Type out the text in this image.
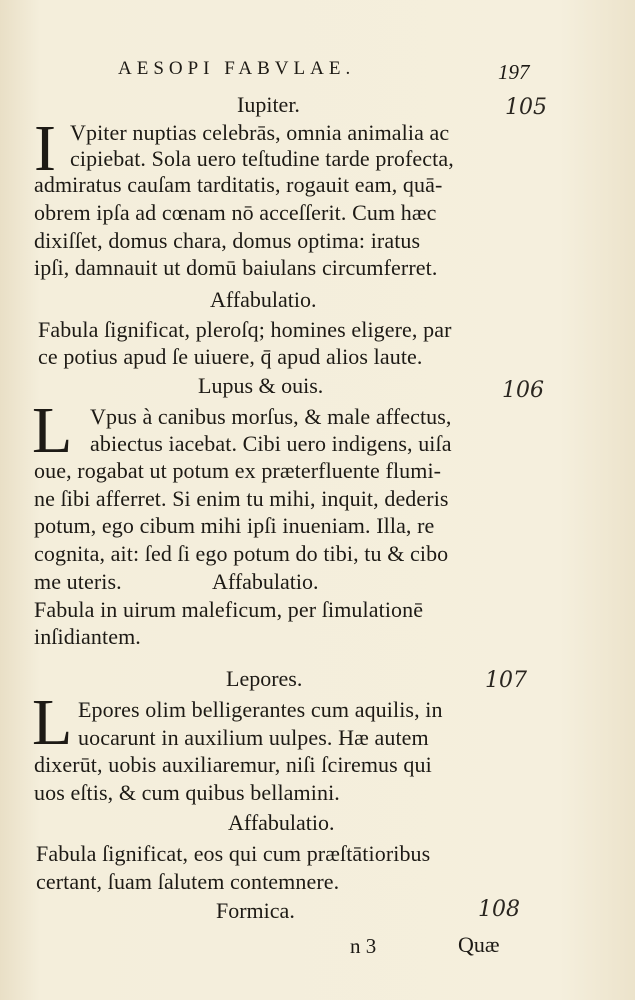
AESOPI FABVLAE.	197
Iupiter.	105
I Vpiter nuptias celebrās, omnia animalia ac
cipiebat. Sola uero teſtudine tarde profecta,
admiratus cauſam tarditatis, rogauit eam, quā-
obrem ipſa ad cœnam nō acceſſerit. Cum hæc
dixiſſet, domus chara, domus optima: iratus
ipſi, damnauit ut domū baiulans circumferret.
Affabulatio.
Fabula ſignificat, pleroſq; homines eligere, par
ce potius apud ſe uiuere, q̄ apud alios laute.
Lupus & ouis.	106
L Vpus à canibus morſus, & male affectus,
abiectus iacebat. Cibi uero indigens, uiſa
oue, rogabat ut potum ex præterfluente flumi-
ne ſibi afferret. Si enim tu mihi, inquit, dederis
potum, ego cibum mihi ipſi inueniam. Illa, re
cognita, ait: ſed ſi ego potum do tibi, tu & cibo
me uteris.	Affabulatio.
Fabula in uirum maleficum, per ſimulationē
inſidiantem.
Lepores.	107
L Epores olim belligerantes cum aquilis, in
uocarunt in auxilium uulpes. Hæ autem
dixerūt, uobis auxiliaremur, niſi ſciremus qui
uos eſtis, & cum quibus bellamini.
Affabulatio.
Fabula ſignificat, eos qui cum præſtātioribus
certant, ſuam ſalutem contemnere.
Formica.	108
n 3	Quæ
